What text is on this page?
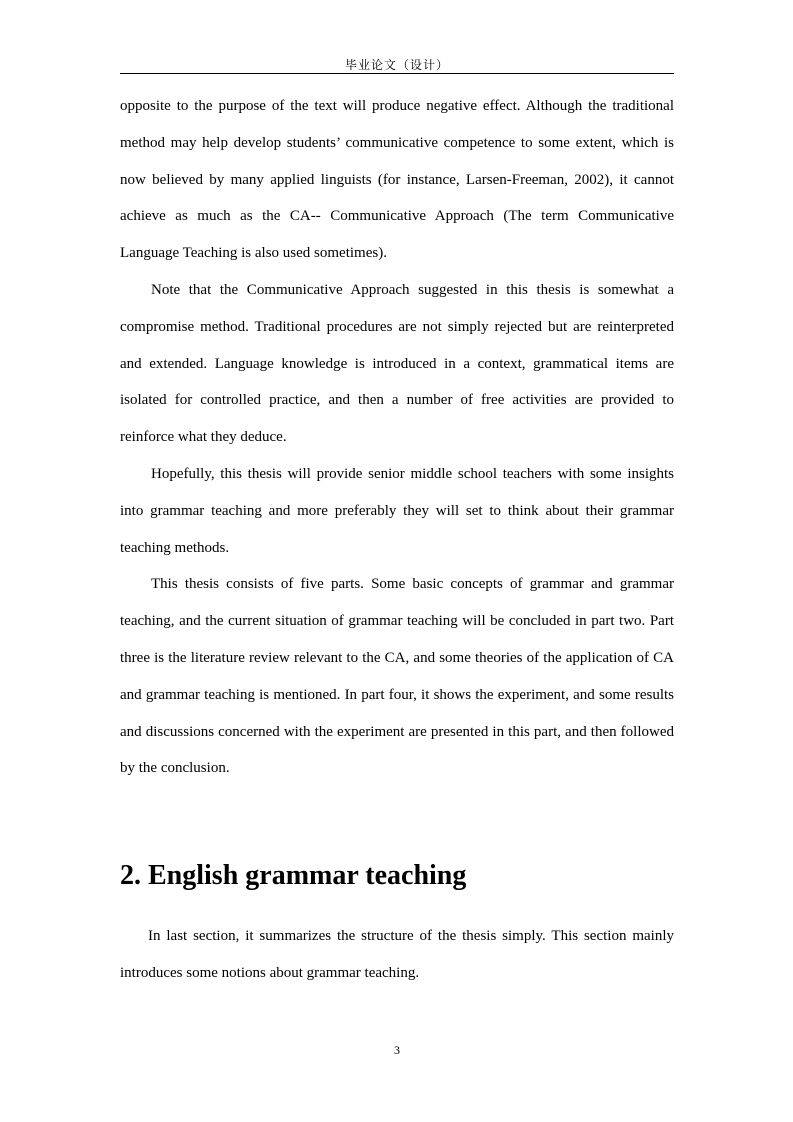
毕业论文（设计）

opposite to the purpose of the text will produce negative effect. Although the traditional method may help develop students’ communicative competence to some extent, which is now believed by many applied linguists (for instance, Larsen-Freeman, 2002), it cannot achieve as much as the CA-- Communicative Approach (The term Communicative Language Teaching is also used sometimes).

Note that the Communicative Approach suggested in this thesis is somewhat a compromise method. Traditional procedures are not simply rejected but are reinterpreted and extended. Language knowledge is introduced in a context, grammatical items are isolated for controlled practice, and then a number of free activities are provided to reinforce what they deduce.

Hopefully, this thesis will provide senior middle school teachers with some insights into grammar teaching and more preferably they will set to think about their grammar teaching methods.

This thesis consists of five parts. Some basic concepts of grammar and grammar teaching, and the current situation of grammar teaching will be concluded in part two. Part three is the literature review relevant to the CA, and some theories of the application of CA and grammar teaching is mentioned. In part four, it shows the experiment, and some results and discussions concerned with the experiment are presented in this part, and then followed by the conclusion.

2. English grammar teaching

In last section, it summarizes the structure of the thesis simply. This section mainly introduces some notions about grammar teaching.

3
